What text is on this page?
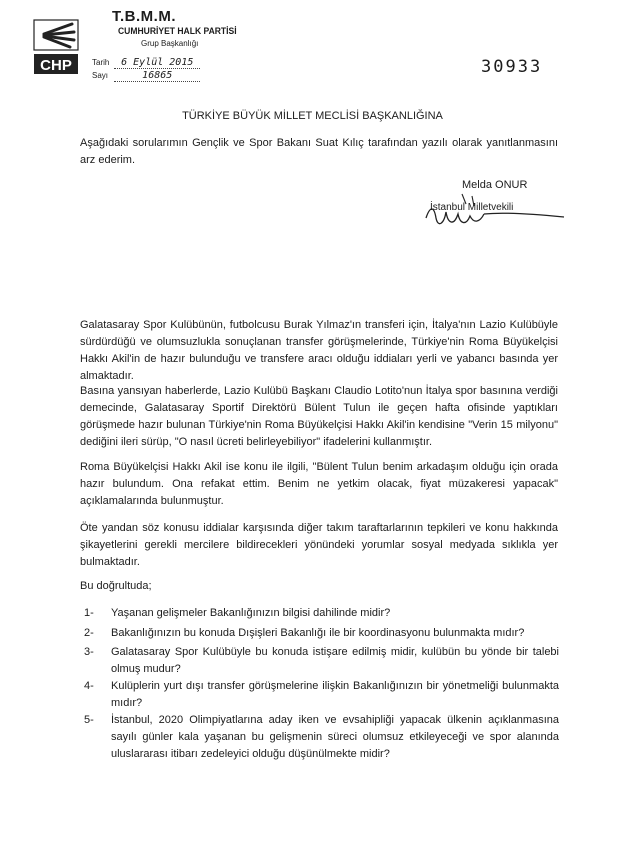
CHP
T.B.M.M.
CUMHURİYET HALK PARTİSİ
Grup Başkanlığı
Tarih 6 Eylül 2015
Sayı	16865	30933
TÜRKİYE BÜYÜK MİLLET MECLİSİ BAŞKANLIĞINA
Aşağıdaki sorularımın Gençlik ve Spor Bakanı Suat Kılıç tarafından yazılı olarak yanıtlanmasını arz ederim.
Melda ONUR
İstanbul Milletvekili
Galatasaray Spor Kulübünün, futbolcusu Burak Yılmaz'ın transferi için, İtalya'nın Lazio Kulübüyle sürdürdüğü ve olumsuzlukla sonuçlanan transfer görüşmelerinde, Türkiye'nin Roma Büyükelçisi Hakkı Akil'in de hazır bulunduğu ve transfere aracı olduğu iddiaları yerli ve yabancı basında yer almaktadır.
Basına yansıyan haberlerde, Lazio Kulübü Başkanı Claudio Lotito'nun İtalya spor basınına verdiği demecinde, Galatasaray Sportif Direktörü Bülent Tulun ile geçen hafta ofisinde yaptıkları görüşmede hazır bulunan Türkiye'nin Roma Büyükelçisi Hakkı Akil'in kendisine "Verin 15 milyonu" dediğini ileri sürüp, "O nasıl ücreti belirleyebiliyor" ifadelerini kullanmıştır.
Roma Büyükelçisi Hakkı Akil ise konu ile ilgili, "Bülent Tulun benim arkadaşım olduğu için orada hazır bulundum. Ona refakat ettim. Benim ne yetkim olacak, fiyat müzakeresi yapacak" açıklamalarında bulunmuştur.
Öte yandan söz konusu iddialar karşısında diğer takım taraftarlarının tepkileri ve konu hakkında şikayetlerini gerekli mercilere bildirecekleri yönündeki yorumlar sosyal medyada sıklıkla yer bulmaktadır.
Bu doğrultuda;
1- Yaşanan gelişmeler Bakanlığınızın bilgisi dahilinde midir?
2- Bakanlığınızın bu konuda Dışişleri Bakanlığı ile bir koordinasyonu bulunmakta mıdır?
3- Galatasaray Spor Kulübüyle bu konuda istişare edilmiş midir, kulübün bu yönde bir talebi olmuş mudur?
4- Kulüplerin yurt dışı transfer görüşmelerine ilişkin Bakanlığınızın bir yönetmeliği bulunmakta mıdır?
5- İstanbul, 2020 Olimpiyatlarına aday iken ve evsahipliği yapacak ülkenin açıklanmasına sayılı günler kala yaşanan bu gelişmenin süreci olumsuz etkileyeceği ve spor alanında uluslararası itibarı zedeleyici olduğu düşünülmekte midir?
